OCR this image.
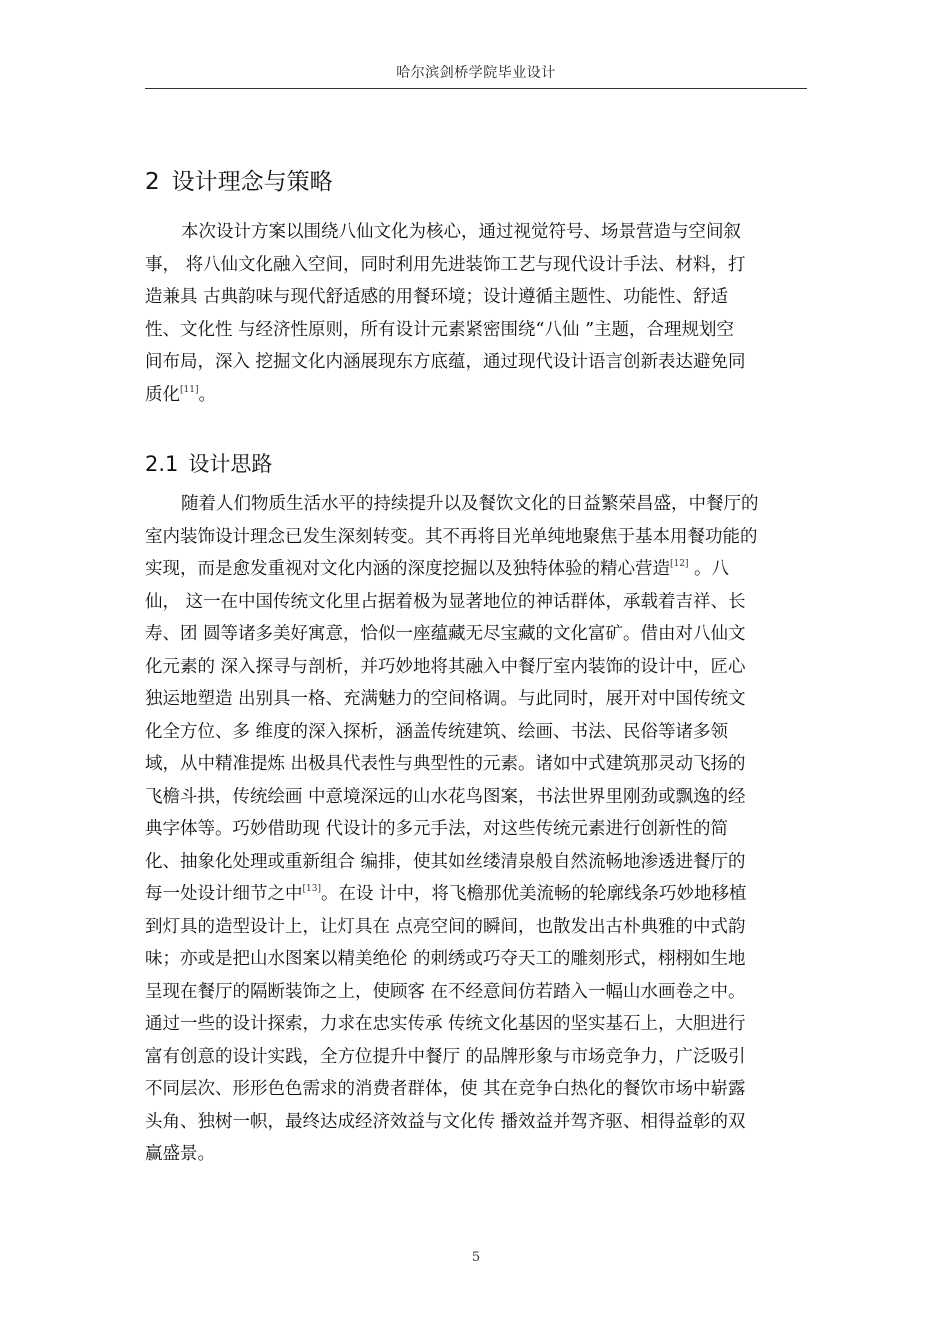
哈尔滨剑桥学院毕业设计
2 设计理念与策略
本次设计方案以围绕八仙文化为核心，通过视觉符号、场景营造与空间叙
事， 将八仙文化融入空间，同时利用先进装饰工艺与现代设计手法、材料，打
造兼具 古典韵味与现代舒适感的用餐环境；设计遵循主题性、功能性、舒适
性、文化性 与经济性原则，所有设计元素紧密围绕“八仙 ”主题，合理规划空
间布局，深入 挖掘文化内涵展现东方底蕴，通过现代设计语言创新表达避免同
质化[11]。
2.1 设计思路
随着人们物质生活水平的持续提升以及餐饮文化的日益繁荣昌盛，中餐厅的
室内装饰设计理念已发生深刻转变。其不再将目光单纯地聚焦于基本用餐功能的
实现，而是愈发重视对文化内涵的深度挖掘以及独特体验的精心营造[12] 。八
仙， 这一在中国传统文化里占据着极为显著地位的神话群体，承载着吉祥、长
寿、团 圆等诸多美好寓意，恰似一座蕴藏无尽宝藏的文化富矿。借由对八仙文
化元素的 深入探寻与剖析，并巧妙地将其融入中餐厅室内装饰的设计中，匠心
独运地塑造 出别具一格、充满魅力的空间格调。与此同时，展开对中国传统文
化全方位、多 维度的深入探析，涵盖传统建筑、绘画、书法、民俗等诸多领
域，从中精准提炼 出极具代表性与典型性的元素。诸如中式建筑那灵动飞扬的
飞檐斗拱，传统绘画 中意境深远的山水花鸟图案，书法世界里刚劲或飘逸的经
典字体等。巧妙借助现 代设计的多元手法，对这些传统元素进行创新性的简
化、抽象化处理或重新组合 编排，使其如丝缕清泉般自然流畅地渗透进餐厅的
每一处设计细节之中[13]。在设 计中，将飞檐那优美流畅的轮廓线条巧妙地移植
到灯具的造型设计上，让灯具在 点亮空间的瞬间，也散发出古朴典雅的中式韵
味；亦或是把山水图案以精美绝伦 的刺绣或巧夺天工的雕刻形式，栩栩如生地
呈现在餐厅的隔断装饰之上，使顾客 在不经意间仿若踏入一幅山水画卷之中。
通过一些的设计探索，力求在忠实传承 传统文化基因的坚实基石上，大胆进行
富有创意的设计实践，全方位提升中餐厅 的品牌形象与市场竞争力，广泛吸引
不同层次、形形色色需求的消费者群体，使 其在竞争白热化的餐饮市场中崭露
头角、独树一帜，最终达成经济效益与文化传 播效益并驾齐驱、相得益彰的双
赢盛景。
5
